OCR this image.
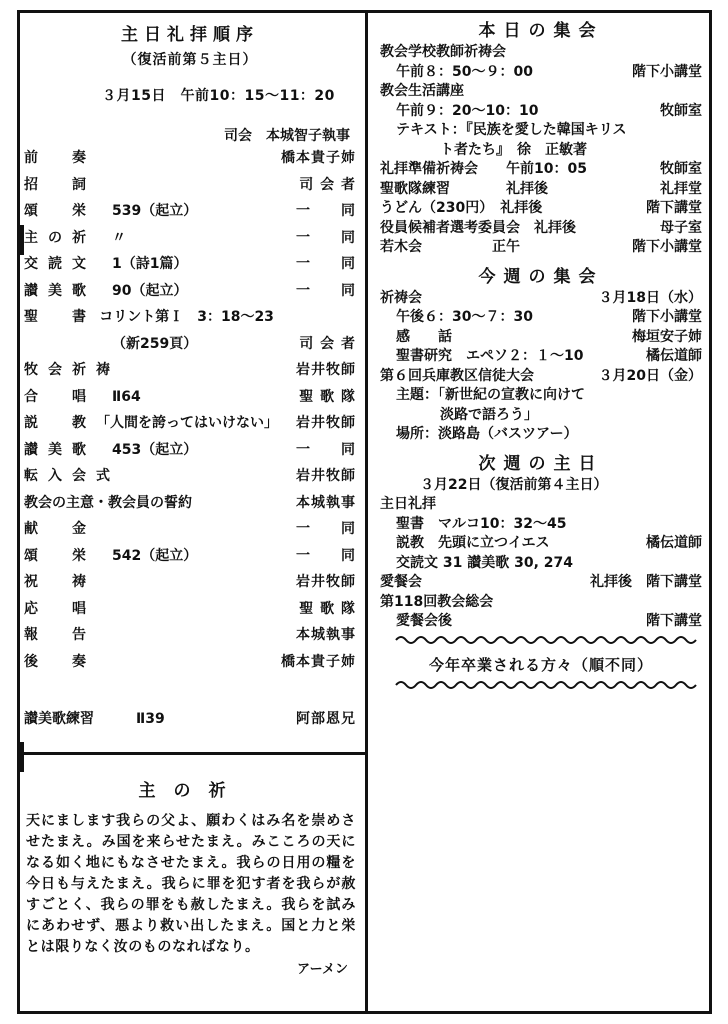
主日礼拝順序
（復活前第５主日）
３月15日　午前10：15〜11：20
司会　本城智子執事
前　奏	橋本貴子姉
招　詞	司 会 者
頌　栄	539（起立）	一　　同
主の祈	〃	一　　同
交読文	1（詩1篇）	一　　同
讃美歌	90（起立）	一　　同
聖　書 コリント第Ｉ　3：18〜23
（新259頁）	司 会 者
牧会祈祷	岩井牧師
合　唱	Ⅱ64	聖 歌 隊
説　教 「人間を誇ってはいけない」	岩井牧師
讃美歌	453（起立）	一　　同
転入会式	岩井牧師
教会の主意・教会員の誓約	本城執事
献　金	一　　同
頌　栄	542（起立）	一　　同
祝　祷	岩井牧師
応　唱	聖 歌 隊
報　告	本城執事
後　奏	橋本貴子姉
讃美歌練習	Ⅱ39	阿部恩兄
主の祈

天にまします我らの父よ、願わくはみ名を崇めさせたまえ。み国を来らせたまえ。みこころの天になる如く地にもなさせたまえ。我らの日用の糧を今日も与えたまえ。我らに罪を犯す者を我らが赦すごとく、我らの罪をも赦したまえ。我らを試みにあわせず、悪より救い出したまえ。国と力と栄とは限りなく汝のものなればなり。

アーメン
本日の集会
教会学校教師祈祷会
午前８：50〜９：00	階下小講堂
教会生活講座
午前９：20〜10：10	牧師室
テキスト：『民族を愛した韓国キリス
ト者たち』　徐　正敏著
礼拝準備祈祷会　　午前10：05	牧師室
聖歌隊練習　　　　礼拝後	礼拝堂
うどん（230円）　礼拝後	階下講堂
役員候補者選考委員会　礼拝後	母子室
若木会　　　　　正午	階下小講堂
今週の集会
祈祷会	３月18日（水）
午後６：30〜７：30	階下小講堂
感　　話	梅垣安子姉
聖書研究　エペソ２：１〜10	橘伝道師
第６回兵庫教区信徒大会	３月20日（金）
主題：「新世紀の宣教に向けて
淡路で語ろう」
場所：淡路島（バスツアー）
次週の主日
３月22日（復活前第４主日）
主日礼拝
聖書　マルコ10：32〜45
説教　先頭に立つイエス	橘伝道師
交読文 31 讃美歌 30, 274
愛餐会	礼拝後　階下講堂
第118回教会総会
愛餐会後	階下講堂
今年卒業される方々（順不同）
